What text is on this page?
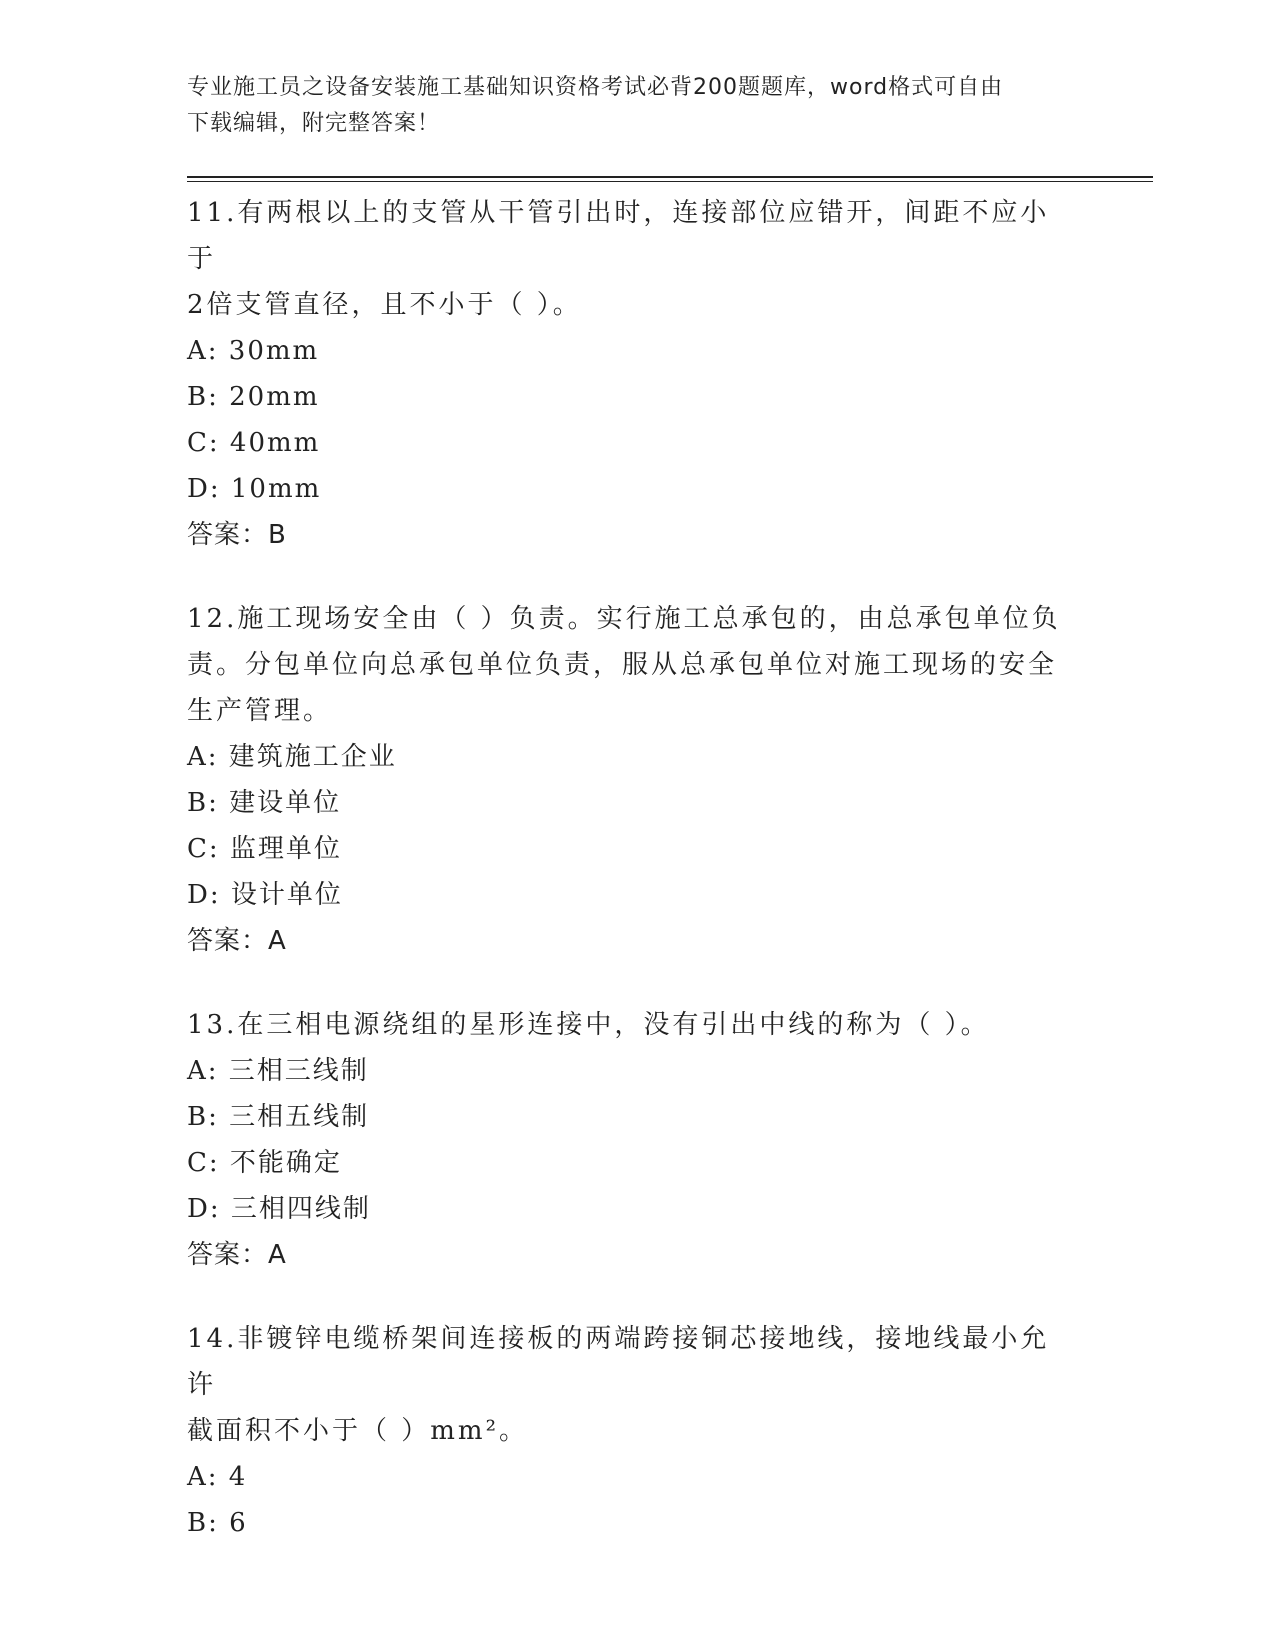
专业施工员之设备安装施工基础知识资格考试必背200题题库，word格式可自由
下载编辑，附完整答案！

11.有两根以上的支管从干管引出时，连接部位应错开，间距不应小于

2倍支管直径，且不小于（ ）。

A: 30mm

B: 20mm

C: 40mm

D: 10mm

答案：B

12.施工现场安全由（ ）负责。实行施工总承包的，由总承包单位负

责。分包单位向总承包单位负责，服从总承包单位对施工现场的安全

生产管理。

A: 建筑施工企业

B: 建设单位

C: 监理单位

D: 设计单位

答案：A

13.在三相电源绕组的星形连接中，没有引出中线的称为（ ）。

A: 三相三线制

B: 三相五线制

C: 不能确定

D: 三相四线制

答案：A

14.非镀锌电缆桥架间连接板的两端跨接铜芯接地线，接地线最小允许

截面积不小于（ ）mm²。

A: 4

B: 6
